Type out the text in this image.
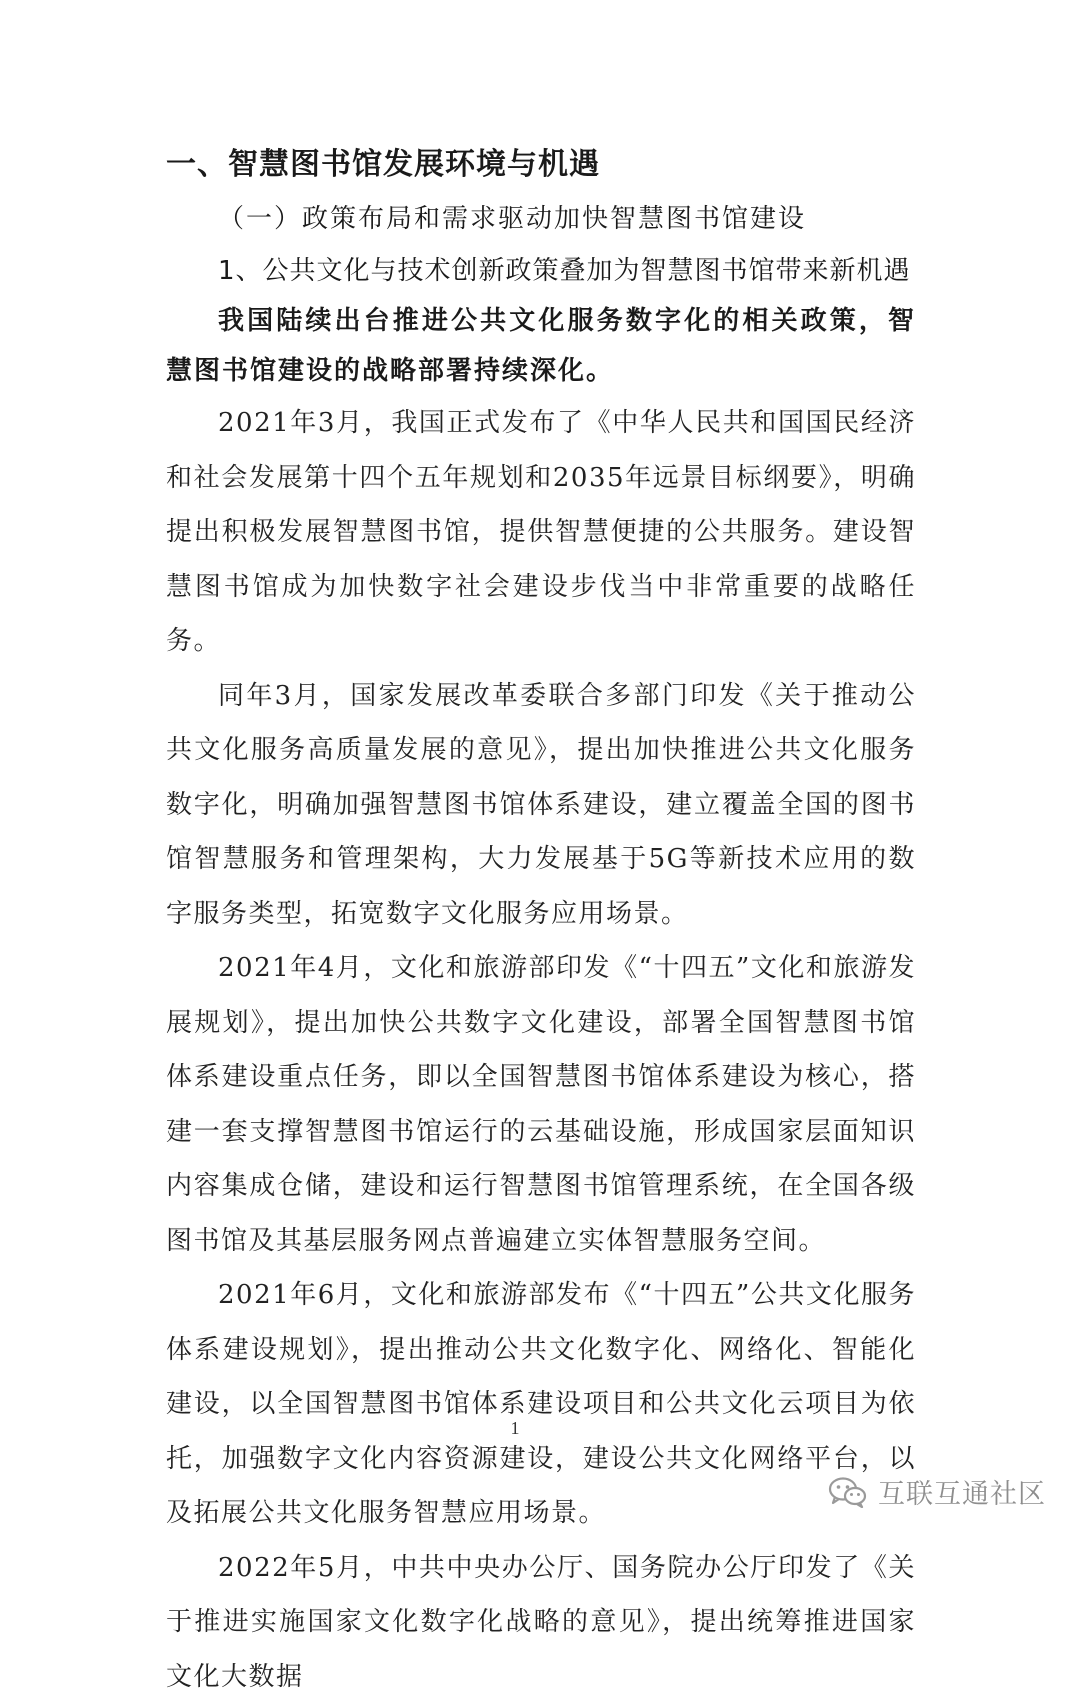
一、智慧图书馆发展环境与机遇
（一）政策布局和需求驱动加快智慧图书馆建设
1、公共文化与技术创新政策叠加为智慧图书馆带来新机遇
我国陆续出台推进公共文化服务数字化的相关政策，智慧图书馆建设的战略部署持续深化。

2021年3月，我国正式发布了《中华人民共和国国民经济和社会发展第十四个五年规划和2035年远景目标纲要》，明确提出积极发展智慧图书馆，提供智慧便捷的公共服务。建设智慧图书馆成为加快数字社会建设步伐当中非常重要的战略任务。

同年3月，国家发展改革委联合多部门印发《关于推动公共文化服务高质量发展的意见》，提出加快推进公共文化服务数字化，明确加强智慧图书馆体系建设，建立覆盖全国的图书馆智慧服务和管理架构，大力发展基于5G等新技术应用的数字服务类型，拓宽数字文化服务应用场景。

2021年4月，文化和旅游部印发《“十四五”文化和旅游发展规划》，提出加快公共数字文化建设，部署全国智慧图书馆体系建设重点任务，即以全国智慧图书馆体系建设为核心，搭建一套支撑智慧图书馆运行的云基础设施，形成国家层面知识内容集成仓储，建设和运行智慧图书馆管理系统，在全国各级图书馆及其基层服务网点普遍建立实体智慧服务空间。

2021年6月，文化和旅游部发布《“十四五”公共文化服务体系建设规划》，提出推动公共文化数字化、网络化、智能化建设，以全国智慧图书馆体系建设项目和公共文化云项目为依托，加强数字文化内容资源建设，建设公共文化网络平台，以及拓展公共文化服务智慧应用场景。

2022年5月，中共中央办公厅、国务院办公厅印发了《关于推进实施国家文化数字化战略的意见》，提出统筹推进国家文化大数据

1
互联互通社区
